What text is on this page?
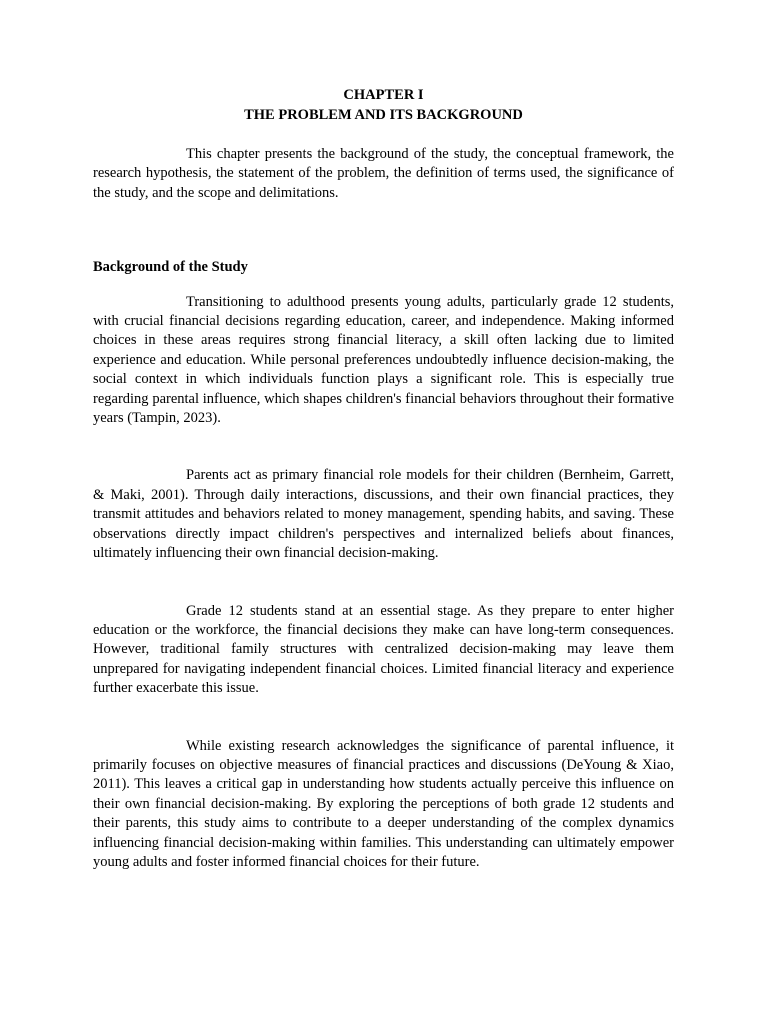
CHAPTER I

THE PROBLEM AND ITS BACKGROUND

This chapter presents the background of the study, the conceptual framework, the research hypothesis, the statement of the problem, the definition of terms used, the significance of the study, and the scope and delimitations.

Background of the Study

Transitioning to adulthood presents young adults, particularly grade 12 students, with crucial financial decisions regarding education, career, and independence. Making informed choices in these areas requires strong financial literacy, a skill often lacking due to limited experience and education. While personal preferences undoubtedly influence decision-making, the social context in which individuals function plays a significant role. This is especially true regarding parental influence, which shapes children's financial behaviors throughout their formative years (Tampin, 2023).

Parents act as primary financial role models for their children (Bernheim, Garrett, & Maki, 2001). Through daily interactions, discussions, and their own financial practices, they transmit attitudes and behaviors related to money management, spending habits, and saving. These observations directly impact children's perspectives and internalized beliefs about finances, ultimately influencing their own financial decision-making.

Grade 12 students stand at an essential stage. As they prepare to enter higher education or the workforce, the financial decisions they make can have long-term consequences. However, traditional family structures with centralized decision-making may leave them unprepared for navigating independent financial choices. Limited financial literacy and experience further exacerbate this issue.

While existing research acknowledges the significance of parental influence, it primarily focuses on objective measures of financial practices and discussions (DeYoung & Xiao, 2011). This leaves a critical gap in understanding how students actually perceive this influence on their own financial decision-making. By exploring the perceptions of both grade 12 students and their parents, this study aims to contribute to a deeper understanding of the complex dynamics influencing financial decision-making within families. This understanding can ultimately empower young adults and foster informed financial choices for their future.
